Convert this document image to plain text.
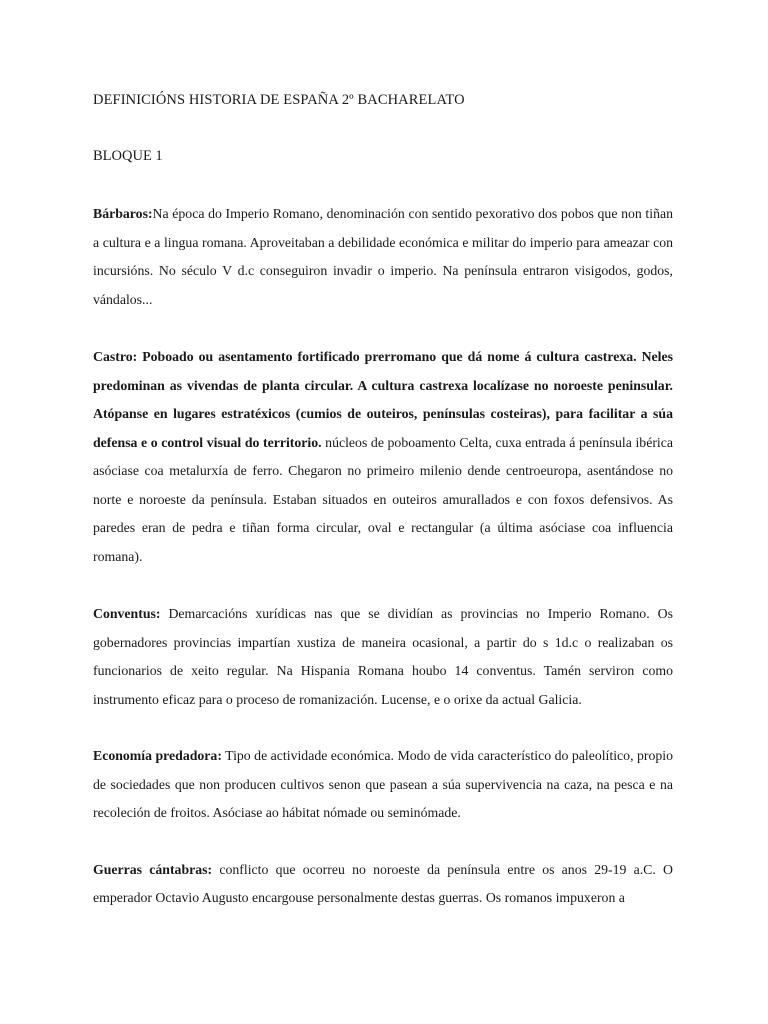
DEFINICIÓNS HISTORIA DE ESPAÑA 2º BACHARELATO

BLOQUE 1

Bárbaros:Na época do Imperio Romano, denominación con sentido pexorativo dos pobos que non tiñan a cultura e a lingua romana. Aproveitaban a debilidade económica e militar do imperio para ameazar con incursións. No século V d.c conseguiron invadir o imperio. Na península entraron visigodos, godos, vándalos...

Castro: Poboado ou asentamento fortificado prerromano que dá nome á cultura castrexa. Neles predominan as vivendas de planta circular. A cultura castrexa localízase no noroeste peninsular. Atópanse en lugares estratéxicos (cumios de outeiros, penínsulas costeiras), para facilitar a súa defensa e o control visual do territorio. núcleos de poboamento Celta, cuxa entrada á península ibérica asóciase coa metalurxía de ferro. Chegaron no primeiro milenio dende centroeuropa, asentándose no norte e noroeste da península. Estaban situados en outeiros amurallados e con foxos defensivos. As paredes eran de pedra e tiñan forma circular, oval e rectangular (a última asóciase coa influencia romana).

Conventus: Demarcacións xurídicas nas que se dividían as provincias no Imperio Romano. Os gobernadores provincias impartían xustiza de maneira ocasional, a partir do s 1d.c o realizaban os funcionarios de xeito regular. Na Hispania Romana houbo 14 conventus. Tamén serviron como instrumento eficaz para o proceso de romanización. Lucense, e o orixe da actual Galicia.

Economía predadora: Tipo de actividade económica. Modo de vida característico do paleolítico, propio de sociedades que non producen cultivos senon que pasean a súa supervivencia na caza, na pesca e na recoleción de froitos. Asóciase ao hábitat nómade ou seminómade.

Guerras cántabras: conflicto que ocorreu no noroeste da península entre os anos 29-19 a.C. O emperador Octavio Augusto encargouse personalmente destas guerras. Os romanos impuxeron a
